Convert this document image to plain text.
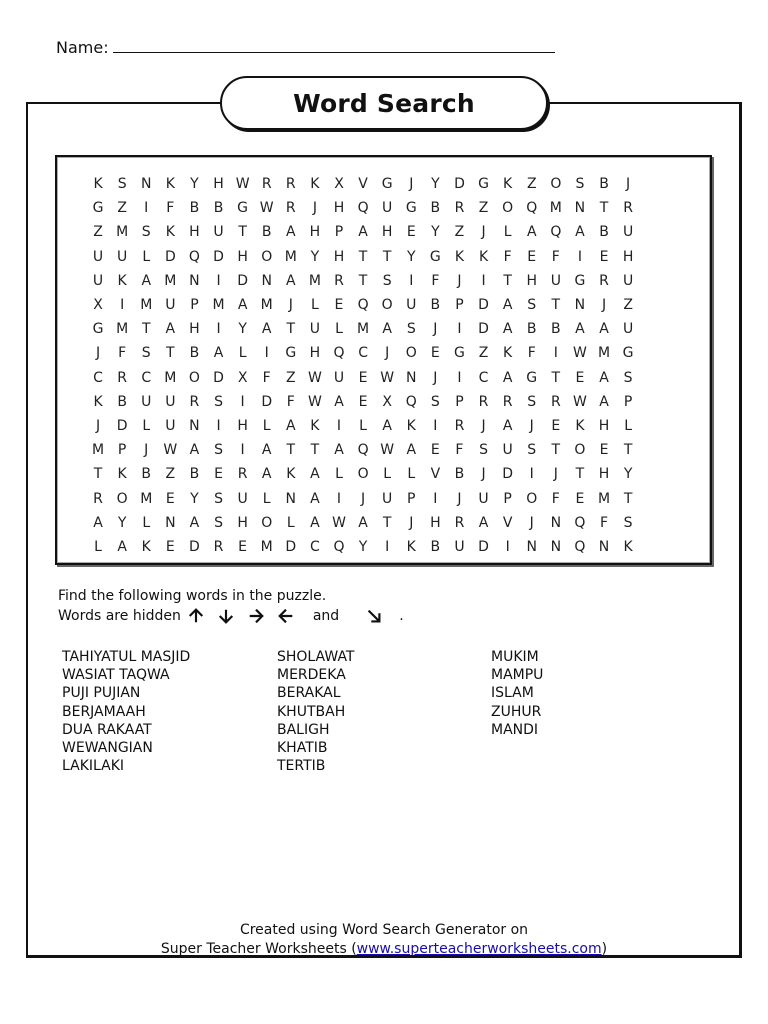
Name:
Word Search
K	S	N	K	Y	H W R	R	K	X	V G	J	Y	D G	K	Z O	S	B	J
G Z	I	F	B	B G W R	J	H Q U G B	R	Z O Q M N	T	R
Z M S	K	H U	T	B	A	H	P	A	H	E	Y	Z	J	L	A Q A	B	U
U U	L	D Q D H O M Y	H	T	T	Y	G	K	K	F	E	F	I	E	H
U	K	A M N	I	D N	A M R	T	S	I	F	J	I	T	H U G R	U
X	I	M U	P M A M	J	L	E	Q O U	B	P	D A	S	T	N	J	Z
G M T	A	H	I	Y	A	T	U	L	M A	S	J	I	D A	B	B	A	A	U
J	F	S	T	B	A	L	I	G H Q C	J	O	E	G Z	K	F	I	W M G
C	R	C M O D X	F	Z W U	E W N	J	I	C	A G	T	E	A	S
K	B	U U	R	S	I	D	F W A	E	X Q	S	P	R	R	S	R W A	P
J	D	L	U N	I	H	L	A	K	I	L	A	K	I	R	J	A	J	E	K	H	L
M P	J	W A	S	I	A	T	T	A Q W A	E	F	S	U	S	T	O	E	T
T	K	B	Z	B	E	R	A	K	A	L	O	L	L	V	B	J	D	I	J	T	H	Y
R O M E	Y	S	U	L	N	A	I	J	U	P	I	J	U	P	O	F	E M T
A	Y	L	N	A	S	H O	L	A W A	T	J	H R	A	V	J	N Q	F	S
L	A	K	E	D R	E M D C Q	Y	I	K	B	U D	I	N N Q N	K
Find the following words in the puzzle.
Words are hidden	and	.
TAHIYATUL MASJID
WASIAT TAQWA
PUJI PUJIAN
BERJAMAAH
DUA RAKAAT
WEWANGIAN
LAKILAKI
SHOLAWAT
MERDEKA
BERAKAL
KHUTBAH
BALIGH
KHATIB
TERTIB
MUKIM
MAMPU
ISLAM
ZUHUR
MANDI
Created using Word Search Generator on
Super Teacher Worksheets (www.superteacherworksheets.com)
